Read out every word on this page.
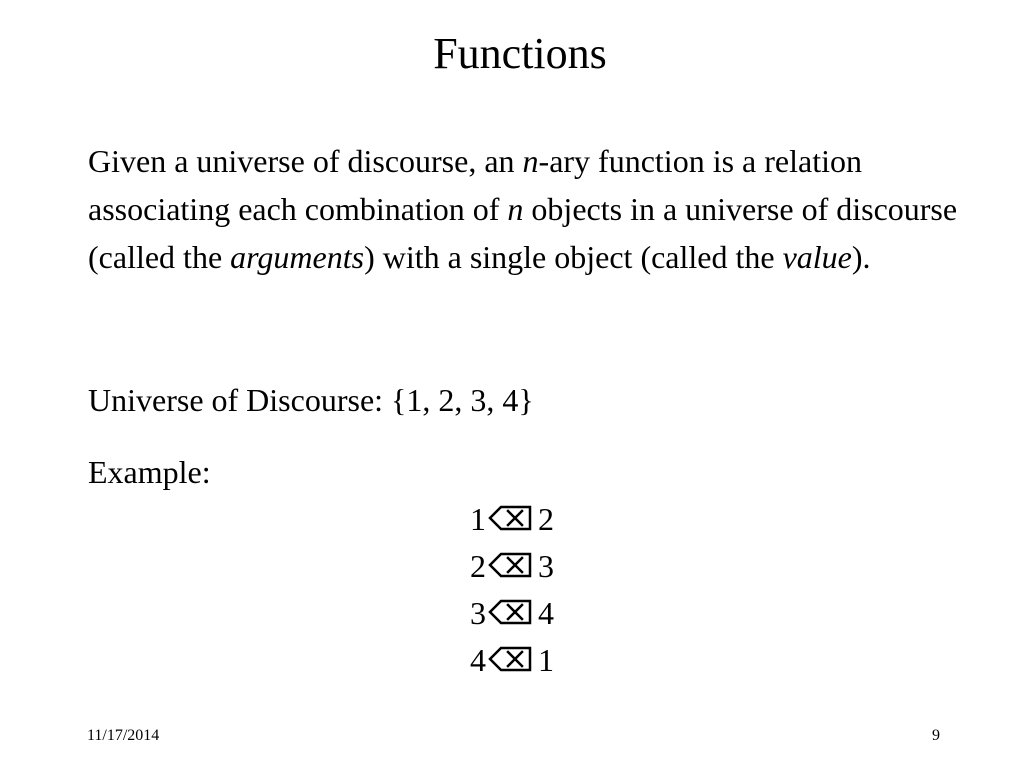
Functions
Given a universe of discourse, an n-ary function is a relation associating each combination of n objects in a universe of discourse (called the arguments) with a single object (called the value).
Universe of Discourse: {1, 2, 3, 4}
Example:
1 2
2 3
3 4
4 1
11/17/2014	9
